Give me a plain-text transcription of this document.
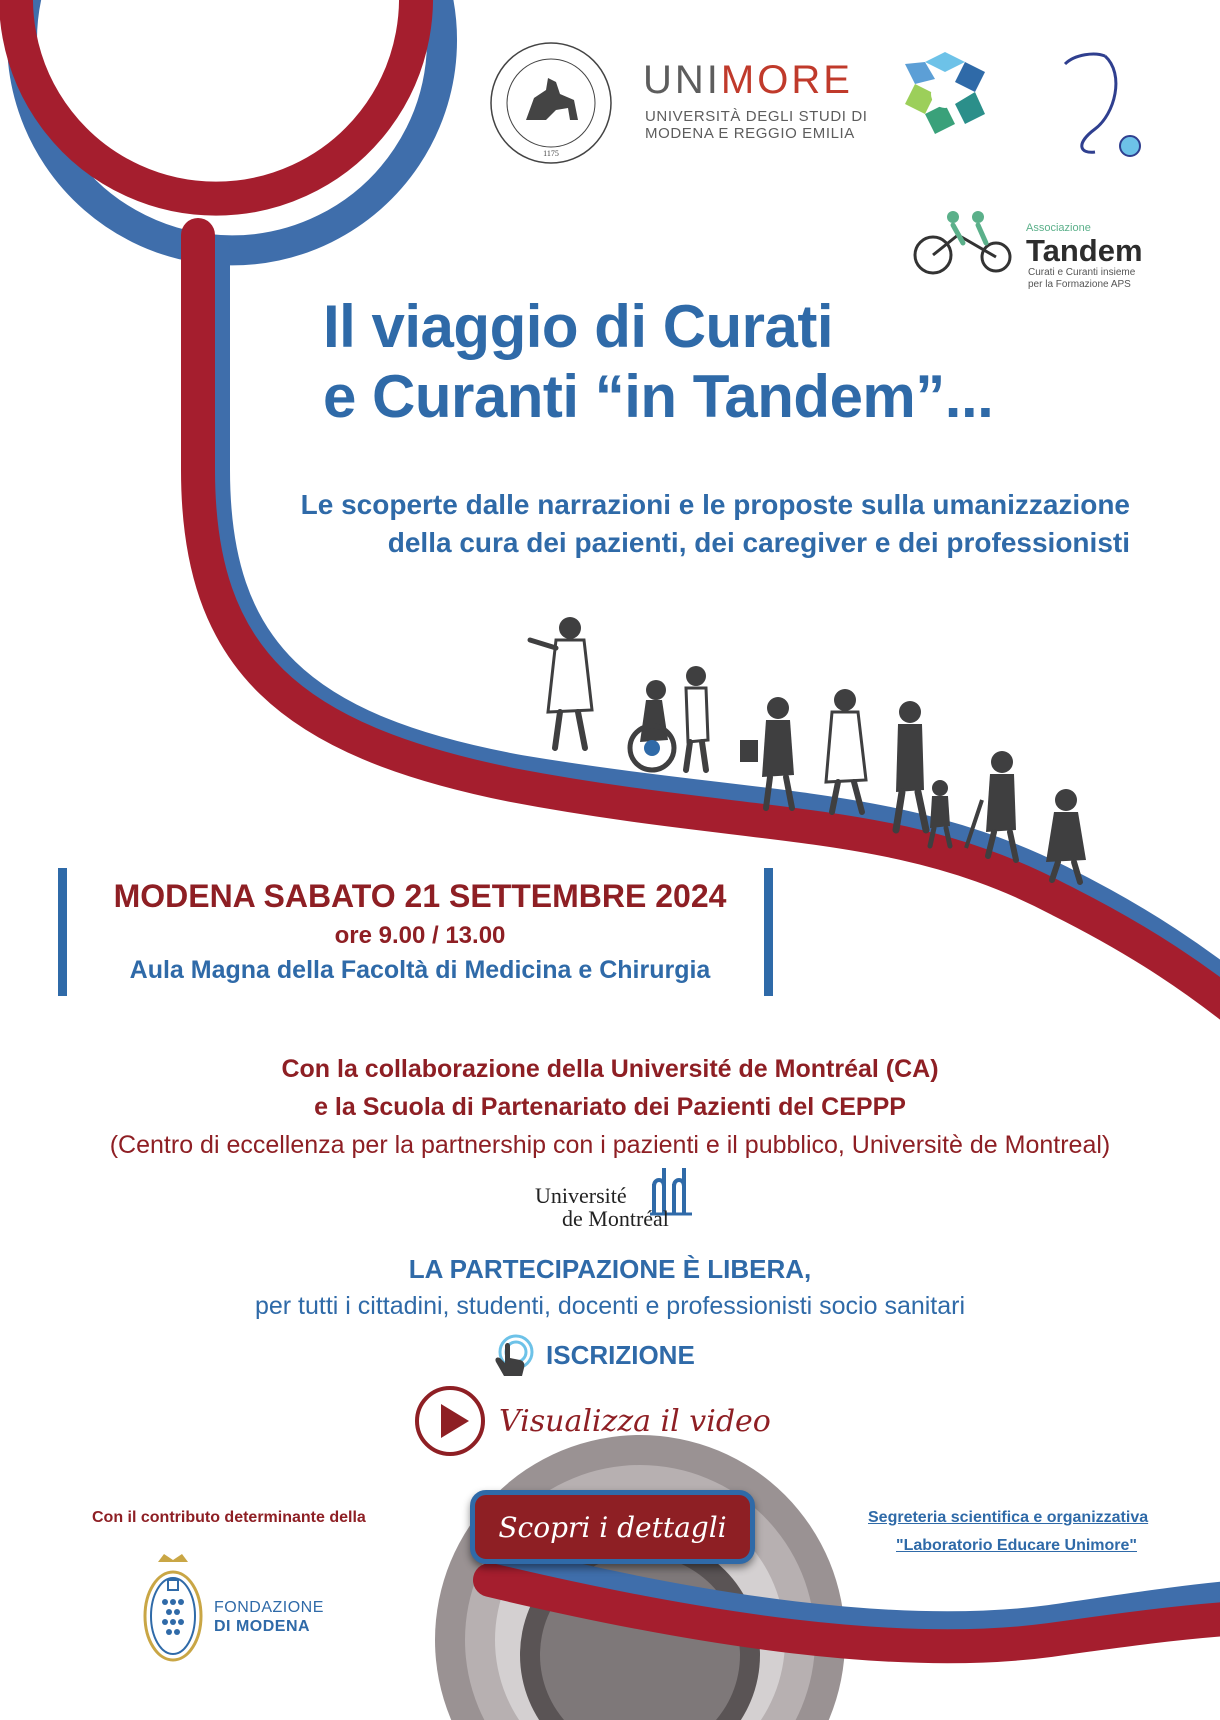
1175
UNIMORE
UNIVERSITÀ DEGLI STUDI DI
MODENA E REGGIO EMILIA
Associazione
Tandem
Curati e Curanti insieme
per la Formazione APS
Il viaggio di Curati
e Curanti “in Tandem”...
Le scoperte dalle narrazioni e le proposte sulla umanizzazione
della cura dei pazienti, dei caregiver e dei professionisti
MODENA SABATO 21 SETTEMBRE 2024
ore 9.00 / 13.00
Aula Magna della Facoltà di Medicina e Chirurgia
Con la collaborazione della Université de Montréal (CA)
e la Scuola di Partenariato dei Pazienti del CEPPP
(Centro di eccellenza per la partnership con i pazienti e il pubblico, Universitè de Montreal)
Université
de Montréal
LA PARTECIPAZIONE È LIBERA,
per tutti i cittadini, studenti, docenti e professionisti socio sanitari
ISCRIZIONE
Visualizza il video
Scopri i dettagli
Con il contributo determinante della
FONDAZIONE
DI MODENA
Segreteria scientifica e organizzativa
"Laboratorio Educare Unimore"
